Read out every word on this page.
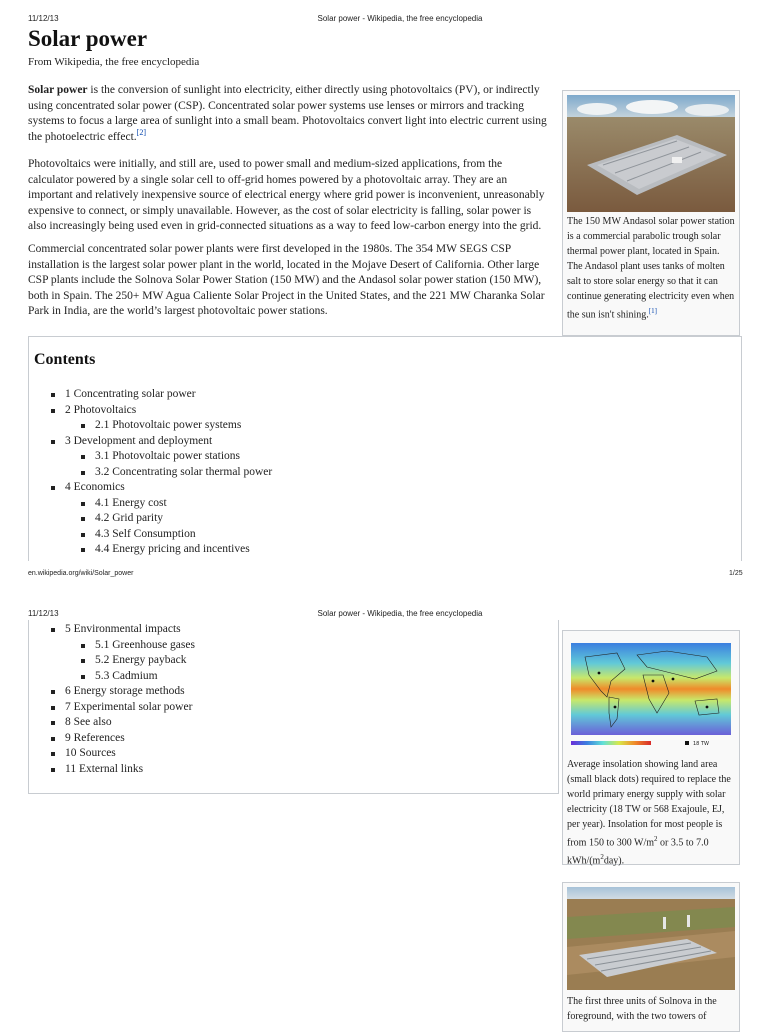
11/12/13	Solar power - Wikipedia, the free encyclopedia
Solar power
From Wikipedia, the free encyclopedia
Solar power is the conversion of sunlight into electricity, either directly using photovoltaics (PV), or indirectly using concentrated solar power (CSP). Concentrated solar power systems use lenses or mirrors and tracking systems to focus a large area of sunlight into a small beam. Photovoltaics convert light into electric current using the photoelectric effect.[2]
Photovoltaics were initially, and still are, used to power small and medium-sized applications, from the calculator powered by a single solar cell to off-grid homes powered by a photovoltaic array. They are an important and relatively inexpensive source of electrical energy where grid power is inconvenient, unreasonably expensive to connect, or simply unavailable. However, as the cost of solar electricity is falling, solar power is also increasingly being used even in grid-connected situations as a way to feed low-carbon energy into the grid.
Commercial concentrated solar power plants were first developed in the 1980s. The 354 MW SEGS CSP installation is the largest solar power plant in the world, located in the Mojave Desert of California. Other large CSP plants include the Solnova Solar Power Station (150 MW) and the Andasol solar power station (150 MW), both in Spain. The 250+ MW Agua Caliente Solar Project in the United States, and the 221 MW Charanka Solar Park in India, are the world’s largest photovoltaic power stations.
The 150 MW Andasol solar power station is a commercial parabolic trough solar thermal power plant, located in Spain. The Andasol plant uses tanks of molten salt to store solar energy so that it can continue generating electricity even when the sun isn't shining.[1]
Contents
1 Concentrating solar power
2 Photovoltaics
2.1 Photovoltaic power systems
3 Development and deployment
3.1 Photovoltaic power stations
3.2 Concentrating solar thermal power
4 Economics
4.1 Energy cost
4.2 Grid parity
4.3 Self Consumption
4.4 Energy pricing and incentives
en.wikipedia.org/wiki/Solar_power	1/25
11/12/13	Solar power - Wikipedia, the free encyclopedia
5 Environmental impacts
5.1 Greenhouse gases
5.2 Energy payback
5.3 Cadmium
6 Energy storage methods
7 Experimental solar power
8 See also
9 References
10 Sources
11 External links
18 TW
Average insolation showing land area (small black dots) required to replace the world primary energy supply with solar electricity (18 TW or 568 Exajoule, EJ, per year). Insolation for most people is from 150 to 300 $W/m^2$ or 3.5 to 7.0 kWh/$(m^2day)$.
The first three units of Solnova in the foreground, with the two towers of
